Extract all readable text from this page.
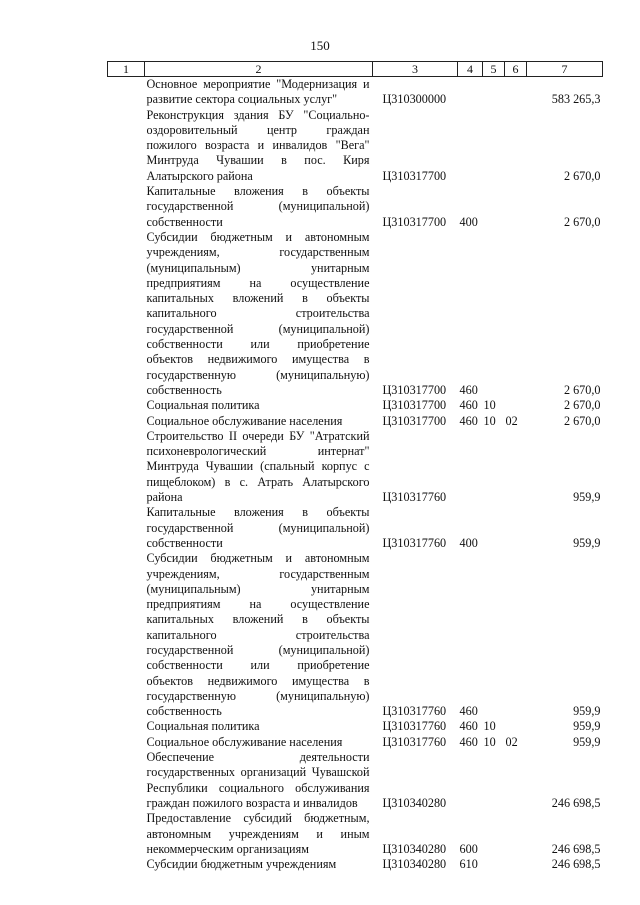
150
1	2	3	4	5	6	7
	Основное мероприятие "Модернизация и развитие сектора социальных услуг"	Ц310300000				583 265,3
	Реконструкция здания БУ "Социально-оздоровительный центр граждан пожилого возраста и инвалидов "Вега" Минтруда Чувашии в пос. Киря Алатырского района	Ц310317700				2 670,0
	Капитальные вложения в объекты государственной (муниципальной) собственности	Ц310317700	400			2 670,0
	Субсидии бюджетным и автономным учреждениям, государственным (муниципальным) унитарным предприятиям на осуществление капитальных вложений в объекты капитального строительства государственной (муниципальной) собственности или приобретение объектов недвижимого имущества в государственную (муниципальную) собственность	Ц310317700	460			2 670,0
	Социальная политика	Ц310317700	460	10		2 670,0
	Социальное обслуживание населения	Ц310317700	460	10	02	2 670,0
	Строительство II очереди БУ "Атратский психоневрологический интернат" Минтруда Чувашии (спальный корпус с пищеблоком) в с. Атрать Алатырского района	Ц310317760				959,9
	Капитальные вложения в объекты государственной (муниципальной) собственности	Ц310317760	400			959,9
	Субсидии бюджетным и автономным учреждениям, государственным (муниципальным) унитарным предприятиям на осуществление капитальных вложений в объекты капитального строительства государственной (муниципальной) собственности или приобретение объектов недвижимого имущества в государственную (муниципальную) собственность	Ц310317760	460			959,9
	Социальная политика	Ц310317760	460	10		959,9
	Социальное обслуживание населения	Ц310317760	460	10	02	959,9
	Обеспечение деятельности государственных организаций Чувашской Республики социального обслуживания граждан пожилого возраста и инвалидов	Ц310340280				246 698,5
	Предоставление субсидий бюджетным, автономным учреждениям и иным некоммерческим организациям	Ц310340280	600			246 698,5
	Субсидии бюджетным учреждениям	Ц310340280	610			246 698,5
